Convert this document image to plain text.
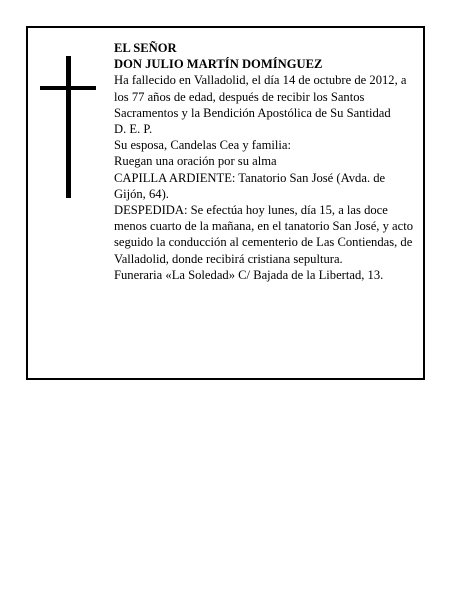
EL SEÑOR

DON JULIO MARTÍN DOMÍNGUEZ

Ha fallecido en Valladolid, el día 14 de octubre de 2012, a los 77 años de edad, después de recibir los Santos Sacramentos y la Bendición Apostólica de Su Santidad

D. E. P.

Su esposa, Candelas Cea y familia:

Ruegan una oración por su alma

CAPILLA ARDIENTE: Tanatorio San José (Avda. de Gijón, 64).

DESPEDIDA: Se efectúa hoy lunes, día 15, a las doce menos cuarto de la mañana, en el tanatorio San José, y acto seguido la conducción al cementerio de Las Contiendas, de Valladolid, donde recibirá cristiana sepultura.

Funeraria «La Soledad» C/ Bajada de la Libertad, 13.
